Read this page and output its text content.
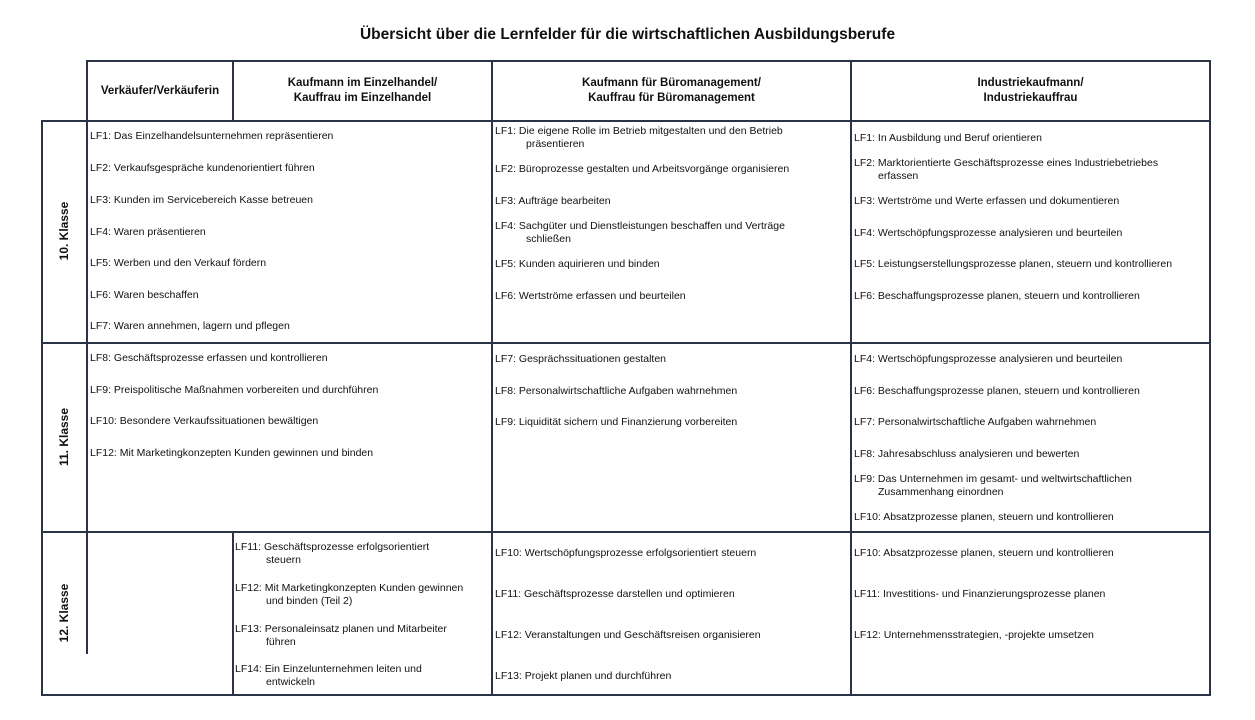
Übersicht über die Lernfelder für die wirtschaftlichen Ausbildungsberufe
Verkäufer/Verkäuferin
Kaufmann im Einzelhandel/
Kauffrau im Einzelhandel
Kaufmann für Büromanagement/
Kauffrau für Büromanagement
Industriekaufmann/
Industriekauffrau
10. Klasse
11. Klasse
12. Klasse
LF1: Das Einzelhandelsunternehmen repräsentieren
LF2: Verkaufsgespräche kundenorientiert führen
LF3: Kunden im Servicebereich Kasse betreuen
LF4: Waren präsentieren
LF5: Werben und den Verkauf fördern
LF6: Waren beschaffen
LF7: Waren annehmen, lagern und pflegen
LF8: Geschäftsprozesse erfassen und kontrollieren
LF9: Preispolitische Maßnahmen vorbereiten und durchführen
LF10: Besondere Verkaufssituationen bewältigen
LF12: Mit Marketingkonzepten Kunden gewinnen und binden
LF11: Geschäftsprozesse erfolgsorientiert
steuern
LF12: Mit Marketingkonzepten Kunden gewinnen
und binden (Teil 2)
LF13: Personaleinsatz planen und Mitarbeiter
führen
LF14: Ein Einzelunternehmen leiten und
entwickeln
LF1: Die eigene Rolle im Betrieb mitgestalten und den Betrieb
präsentieren
LF2: Büroprozesse gestalten und Arbeitsvorgänge organisieren
LF3: Aufträge bearbeiten
LF4: Sachgüter und Dienstleistungen beschaffen und Verträge
schließen
LF5: Kunden aquirieren und binden
LF6: Wertströme erfassen und beurteilen
LF7: Gesprächssituationen gestalten
LF8: Personalwirtschaftliche Aufgaben wahrnehmen
LF9: Liquidität sichern und Finanzierung vorbereiten
LF10: Wertschöpfungsprozesse erfolgsorientiert steuern
LF11: Geschäftsprozesse darstellen und optimieren
LF12: Veranstaltungen und Geschäftsreisen organisieren
LF13: Projekt planen und durchführen
LF1: In Ausbildung und Beruf orientieren
LF2: Marktorientierte Geschäftsprozesse eines Industriebetriebes
erfassen
LF3: Wertströme und Werte erfassen und dokumentieren
LF4: Wertschöpfungsprozesse analysieren und beurteilen
LF5: Leistungserstellungsprozesse planen, steuern und kontrollieren
LF6: Beschaffungsprozesse planen, steuern und kontrollieren
LF4: Wertschöpfungsprozesse analysieren und beurteilen
LF6: Beschaffungsprozesse planen, steuern und kontrollieren
LF7: Personalwirtschaftliche Aufgaben wahrnehmen
LF8: Jahresabschluss analysieren und bewerten
LF9: Das Unternehmen im gesamt- und weltwirtschaftlichen
Zusammenhang einordnen
LF10: Absatzprozesse planen, steuern und kontrollieren
LF10: Absatzprozesse planen, steuern und kontrollieren
LF11: Investitions- und Finanzierungsprozesse planen
LF12: Unternehmensstrategien, -projekte umsetzen
